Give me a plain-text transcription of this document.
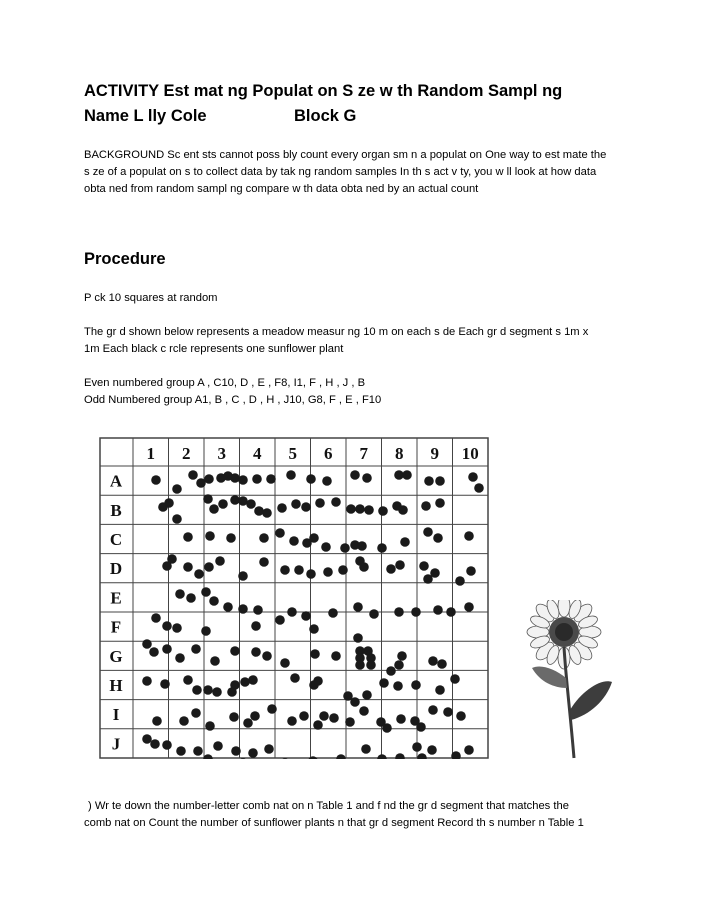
ACTIVITY Est mat ng Populat on S ze w th Random Sampl ng
Name L lly Cole	Block G
BACKGROUND Sc ent sts cannot poss bly count every organ sm n a populat on One way to est mate the
s ze of a populat on s to collect data by tak ng random samples In th s act v ty, you w ll look at how data
obta ned from random sampl ng compare w th data obta ned by an actual count
Procedure
P ck 10 squares at random
The gr d shown below represents a meadow measur ng 10 m on each s de Each gr d segment s 1m x
1m Each black c rcle represents one sunflower plant
Even numbered group A , C10, D , E , F8, I1, F , H , J , B
Odd Numbered group A1, B , C , D , H , J10, G8, F , E , F10
1 2 3 4 5 6 7 8 9 10
A
B
C
D
E
F
G
H
I
J
) Wr te down the number-letter comb nat on n Table 1 and f nd the gr d segment that matches the
comb nat on Count the number of sunflower plants n that gr d segment Record th s number n Table 1
